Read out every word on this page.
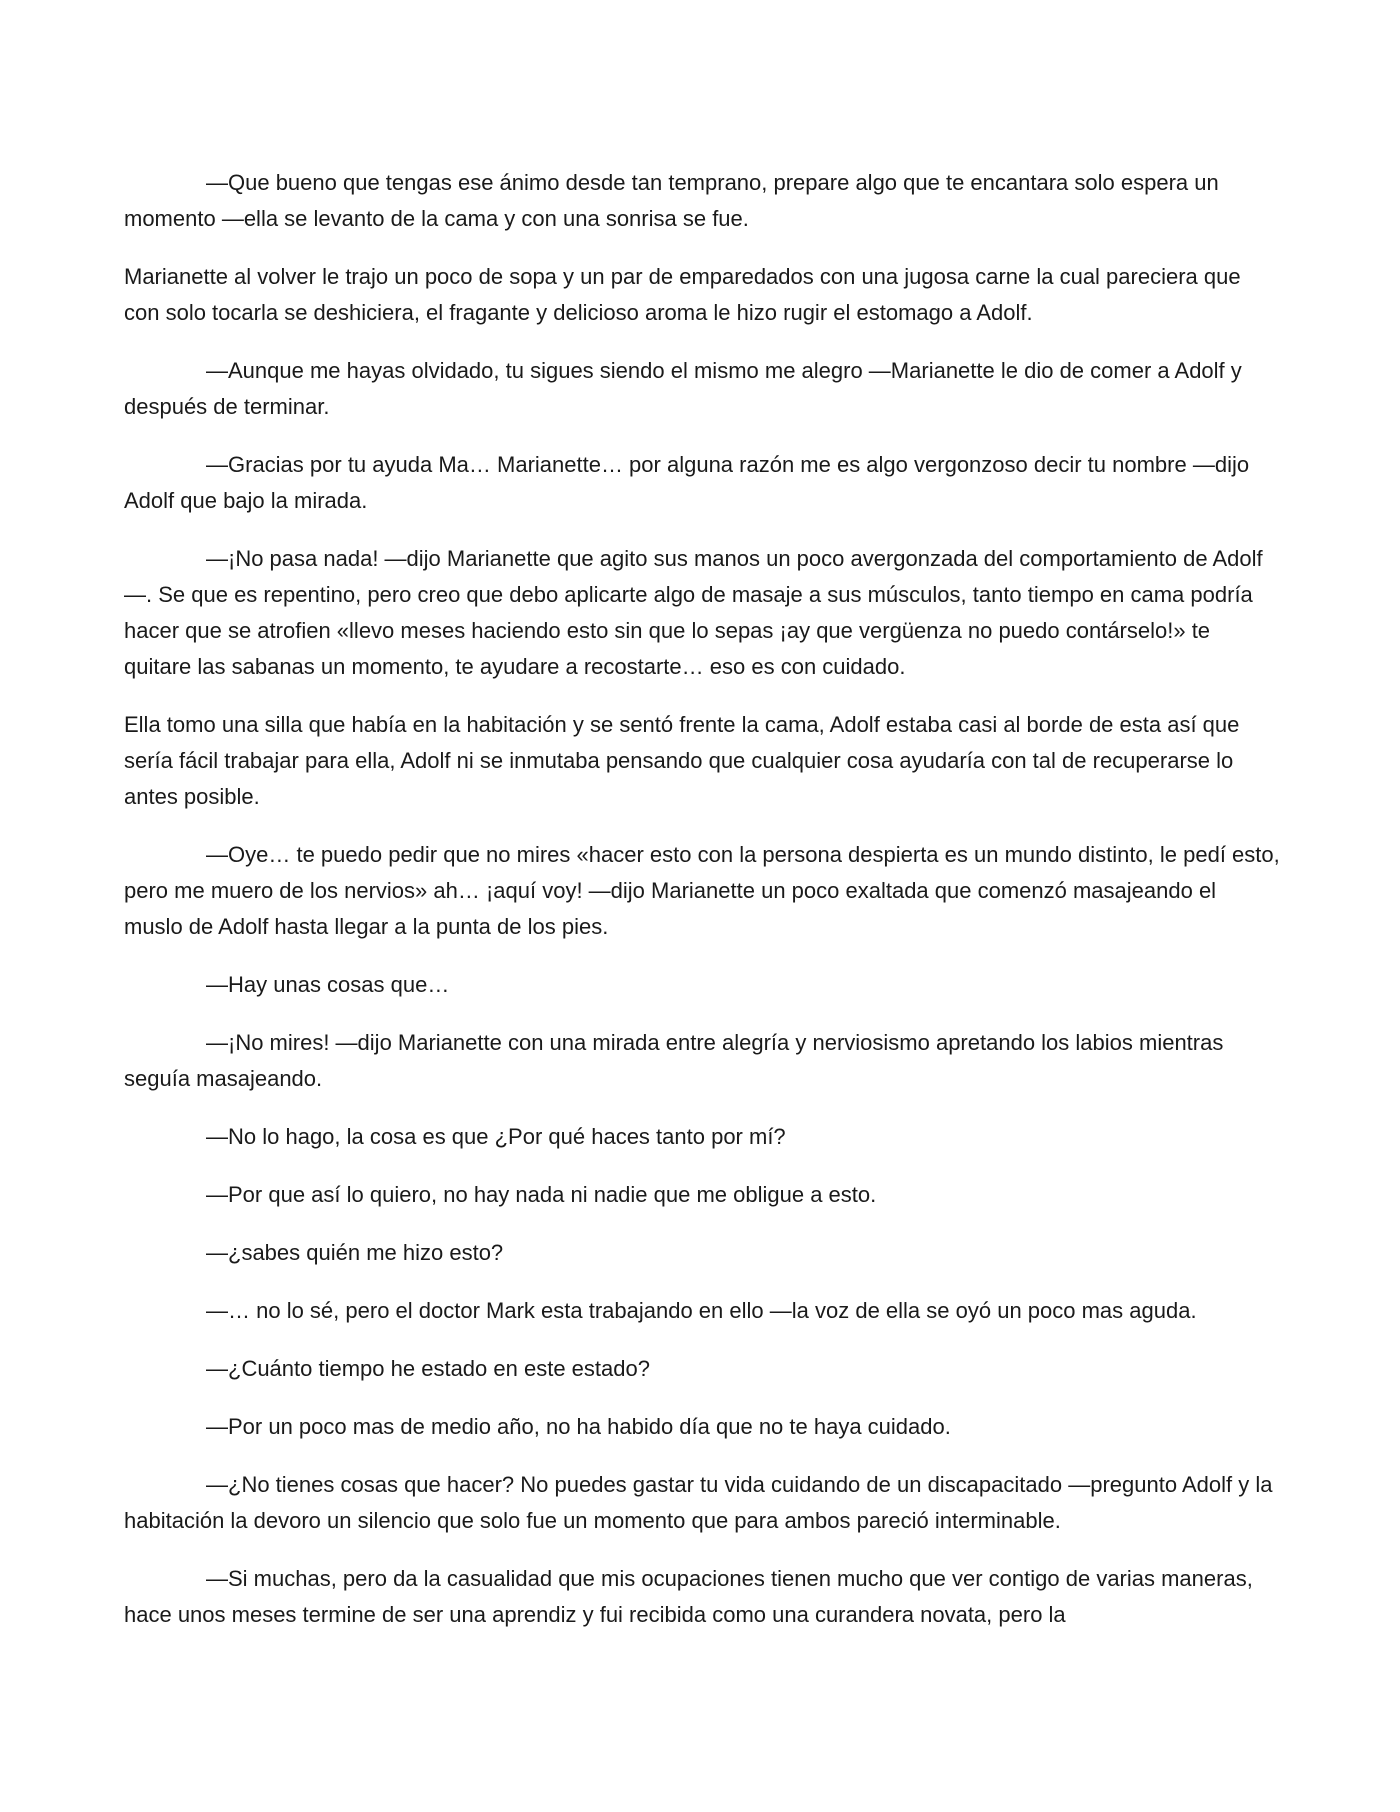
—Que bueno que tengas ese ánimo desde tan temprano, prepare algo que te encantara solo espera un momento —ella se levanto de la cama y con una sonrisa se fue.

Marianette al volver le trajo un poco de sopa y un par de emparedados con una jugosa carne la cual pareciera que con solo tocarla se deshiciera, el fragante y delicioso aroma le hizo rugir el estomago a Adolf.

—Aunque me hayas olvidado, tu sigues siendo el mismo me alegro —Marianette le dio de comer a Adolf y después de terminar.

—Gracias por tu ayuda Ma… Marianette… por alguna razón me es algo vergonzoso decir tu nombre —dijo Adolf que bajo la mirada.

—¡No pasa nada! —dijo Marianette que agito sus manos un poco avergonzada del comportamiento de Adolf—. Se que es repentino, pero creo que debo aplicarte algo de masaje a sus músculos, tanto tiempo en cama podría hacer que se atrofien «llevo meses haciendo esto sin que lo sepas ¡ay que vergüenza no puedo contárselo!» te quitare las sabanas un momento, te ayudare a recostarte… eso es con cuidado.

Ella tomo una silla que había en la habitación y se sentó frente la cama, Adolf estaba casi al borde de esta así que sería fácil trabajar para ella, Adolf ni se inmutaba pensando que cualquier cosa ayudaría con tal de recuperarse lo antes posible.

—Oye… te puedo pedir que no mires «hacer esto con la persona despierta es un mundo distinto, le pedí esto, pero me muero de los nervios» ah… ¡aquí voy! —dijo Marianette un poco exaltada que comenzó masajeando el muslo de Adolf hasta llegar a la punta de los pies.

—Hay unas cosas que…

—¡No mires! —dijo Marianette con una mirada entre alegría y nerviosismo apretando los labios mientras seguía masajeando.

—No lo hago, la cosa es que ¿Por qué haces tanto por mí?

—Por que así lo quiero, no hay nada ni nadie que me obligue a esto.

—¿sabes quién me hizo esto?

—… no lo sé, pero el doctor Mark esta trabajando en ello —la voz de ella se oyó un poco mas aguda.

—¿Cuánto tiempo he estado en este estado?

—Por un poco mas de medio año, no ha habido día que no te haya cuidado.

—¿No tienes cosas que hacer? No puedes gastar tu vida cuidando de un discapacitado —pregunto Adolf y la habitación la devoro un silencio que solo fue un momento que para ambos pareció interminable.

—Si muchas, pero da la casualidad que mis ocupaciones tienen mucho que ver contigo de varias maneras, hace unos meses termine de ser una aprendiz y fui recibida como una curandera novata, pero la
